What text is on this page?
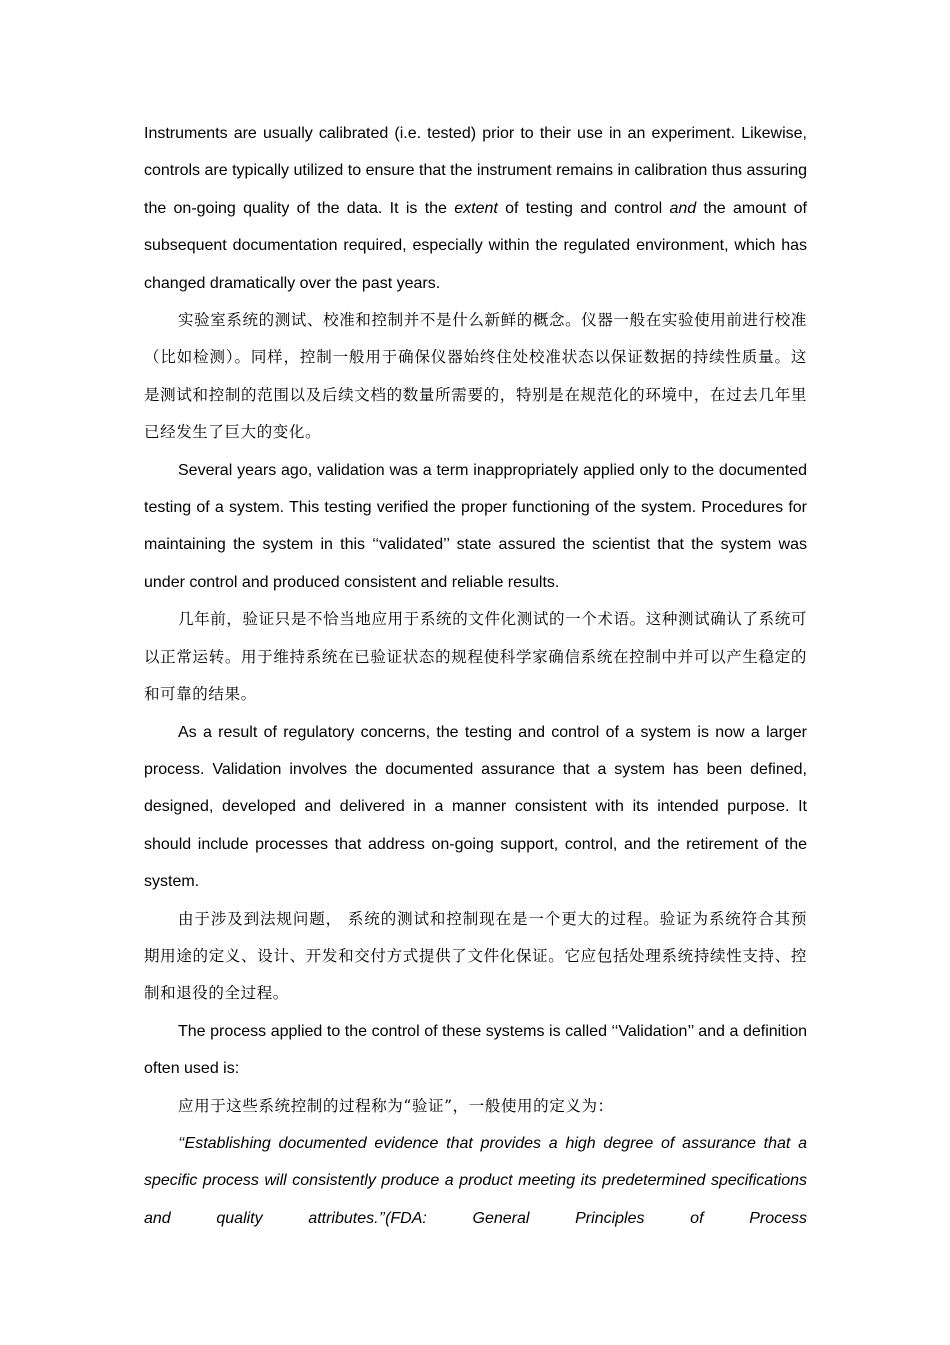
Instruments are usually calibrated (i.e. tested) prior to their use in an experiment. Likewise, controls are typically utilized to ensure that the instrument remains in calibration thus assuring the on-going quality of the data. It is the extent of testing and control and the amount of subsequent documentation required, especially within the regulated environment, which has changed dramatically over the past years.

实验室系统的测试、校准和控制并不是什么新鲜的概念。仪器一般在实验使用前进行校准（比如检测）。同样，控制一般用于确保仪器始终住处校准状态以保证数据的持续性质量。这是测试和控制的范围以及后续文档的数量所需要的，特别是在规范化的环境中，在过去几年里已经发生了巨大的变化。

Several years ago, validation was a term inappropriately applied only to the documented testing of a system. This testing verified the proper functioning of the system. Procedures for maintaining the system in this ‘‘validated’’ state assured the scientist that the system was under control and produced consistent and reliable results.

几年前，验证只是不恰当地应用于系统的文件化测试的一个术语。这种测试确认了系统可以正常运转。用于维持系统在已验证状态的规程使科学家确信系统在控制中并可以产生稳定的和可靠的结果。

As a result of regulatory concerns, the testing and control of a system is now a larger process. Validation involves the documented assurance that a system has been defined, designed, developed and delivered in a manner consistent with its intended purpose. It should include processes that address on-going support, control, and the retirement of the system.

由于涉及到法规问题， 系统的测试和控制现在是一个更大的过程。验证为系统符合其预期用途的定义、设计、开发和交付方式提供了文件化保证。它应包括处理系统持续性支持、控制和退役的全过程。

The process applied to the control of these systems is called ‘‘Validation’’ and a definition often used is:

应用于这些系统控制的过程称为“验证”，一般使用的定义为：

‘‘Establishing documented evidence that provides a high degree of assurance that a specific process will consistently produce a product meeting its predetermined specifications and quality attributes.’’(FDA: General Principles of Process
